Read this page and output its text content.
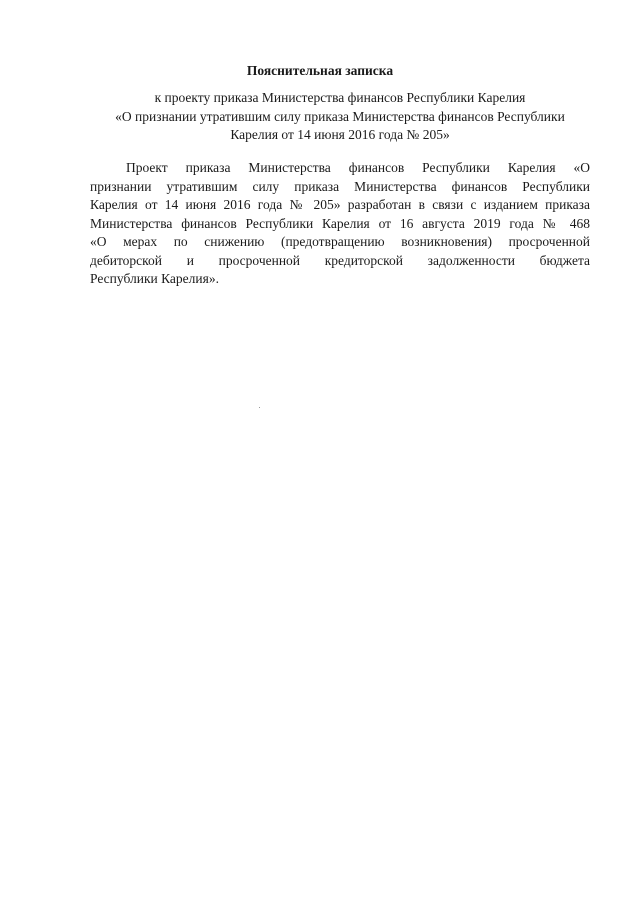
Пояснительная записка
к проекту приказа Министерства финансов Республики Карелия
«О признании утратившим силу приказа Министерства финансов Республики
Карелия от 14 июня 2016 года № 205»
Проект приказа Министерства финансов Республики Карелия «О
признании утратившим силу приказа Министерства финансов Республики
Карелия от 14 июня 2016 года № 205» разработан в связи с изданием приказа
Министерства финансов Республики Карелия от 16 августа 2019 года № 468
«О мерах по снижению (предотвращению возникновения) просроченной
дебиторской и просроченной кредиторской задолженности бюджета
Республики Карелия».
